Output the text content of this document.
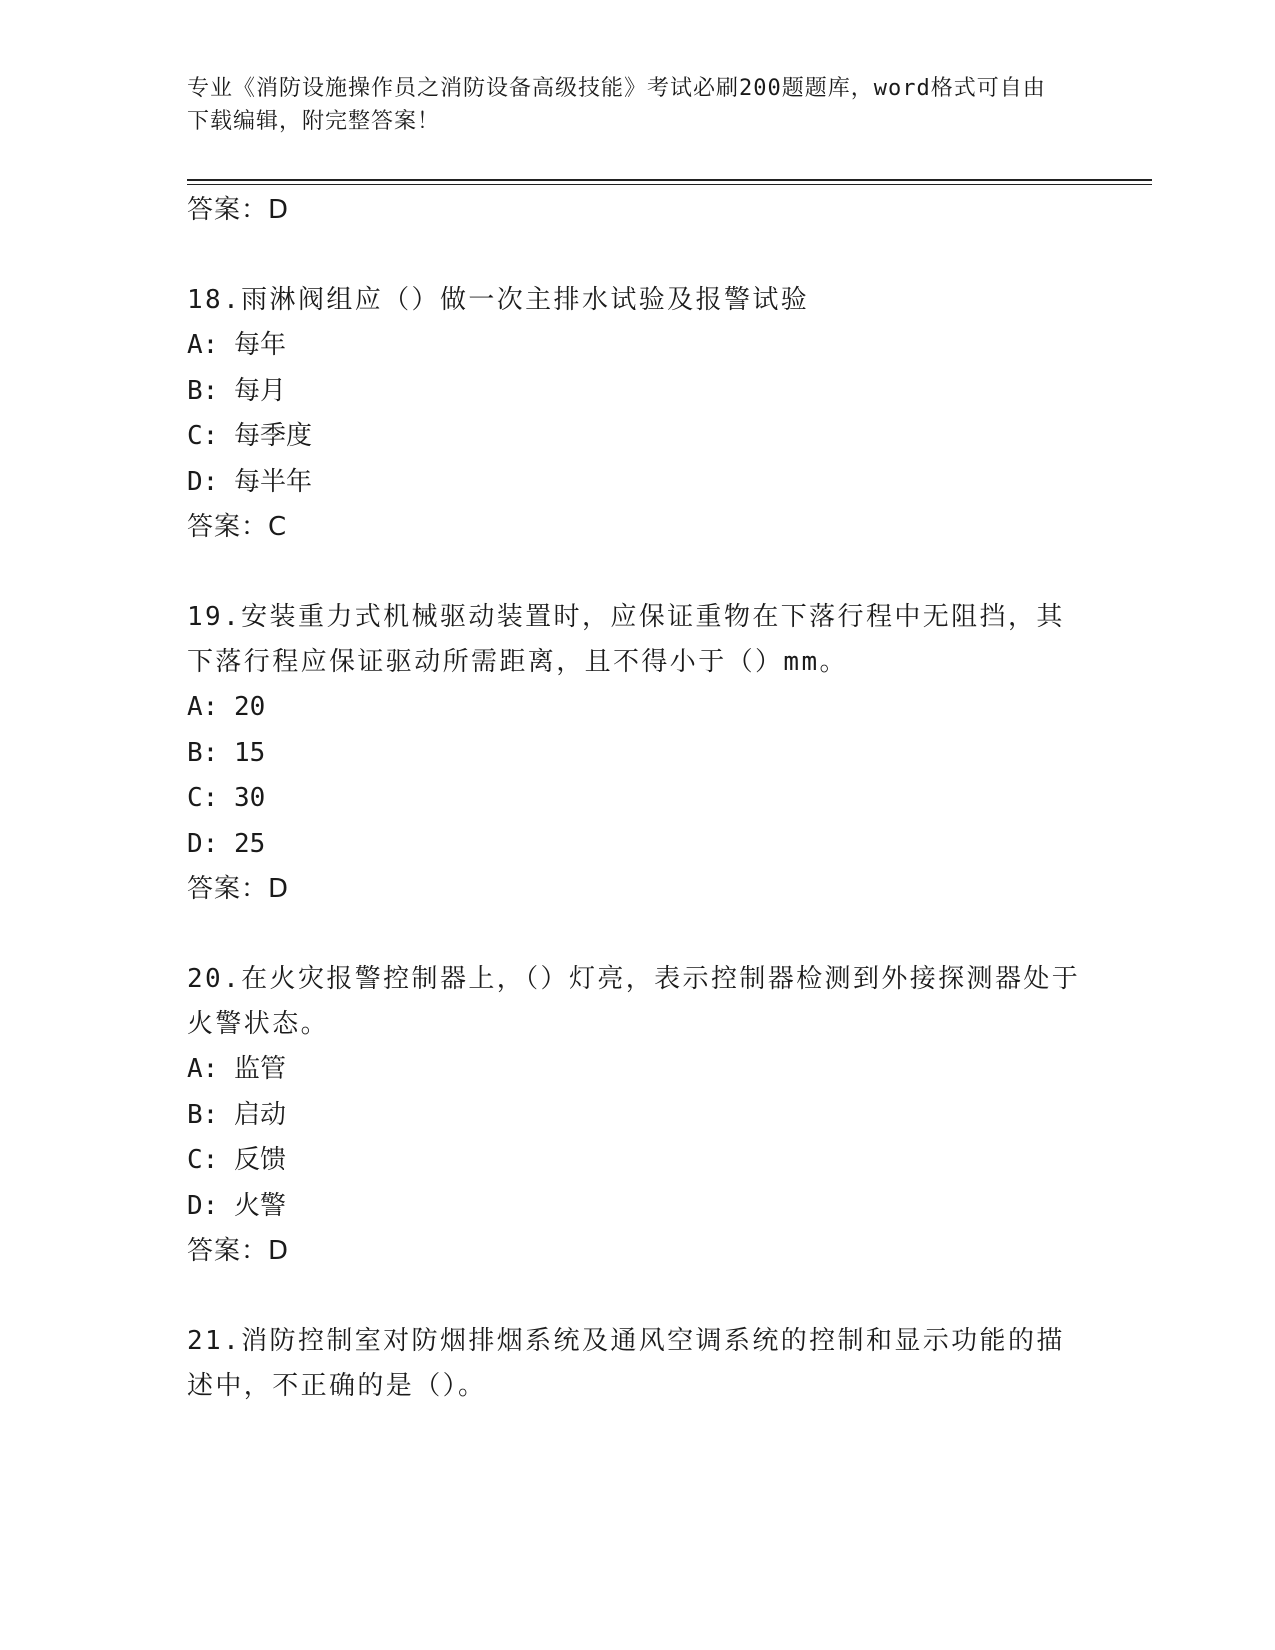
专业《消防设施操作员之消防设备高级技能》考试必刷200题题库，word格式可自由下载编辑，附完整答案！
答案：D
18.雨淋阀组应（）做一次主排水试验及报警试验
A: 每年
B: 每月
C: 每季度
D: 每半年
答案：C
19.安装重力式机械驱动装置时，应保证重物在下落行程中无阻挡，其下落行程应保证驱动所需距离，且不得小于（）mm。
A: 20
B: 15
C: 30
D: 25
答案：D
20.在火灾报警控制器上，（）灯亮，表示控制器检测到外接探测器处于火警状态。
A: 监管
B: 启动
C: 反馈
D: 火警
答案：D
21.消防控制室对防烟排烟系统及通风空调系统的控制和显示功能的描述中，不正确的是（）。
